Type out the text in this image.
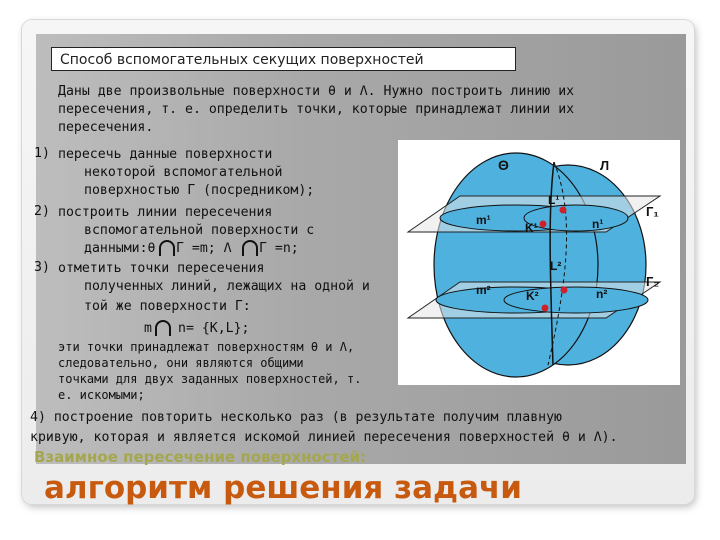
Способ вспомогательных секущих поверхностей
Даны две произвольные поверхности θ и Λ. Нужно построить линию их
пересечения, т. е. определить точки, которые принадлежат линии их
пересечения.
1) пересечь данные поверхности
некоторой вспомогательной
поверхностью Г (посредником);
2) построить линии пересечения
вспомогательной поверхности с
данными:θ Г =m; Λ Г =n;
3) отметить точки пересечения
полученных линий, лежащих на одной и
той же поверхности Г:
m n= {K,L};
эти точки принадлежат поверхностям θ и Λ,
следовательно, они являются общими
точками для двух заданных поверхностей, т.
е. искомыми;
4) построение повторить несколько раз (в результате получим плавную
кривую, которая и является искомой линией пересечения поверхностей θ и Λ).
Взаимное пересечение поверхностей:
алгоритм решения задачи
Θ	Л
Г₁
Г₂
L¹
K¹
m¹	n¹
L²
K²
m²	n²
